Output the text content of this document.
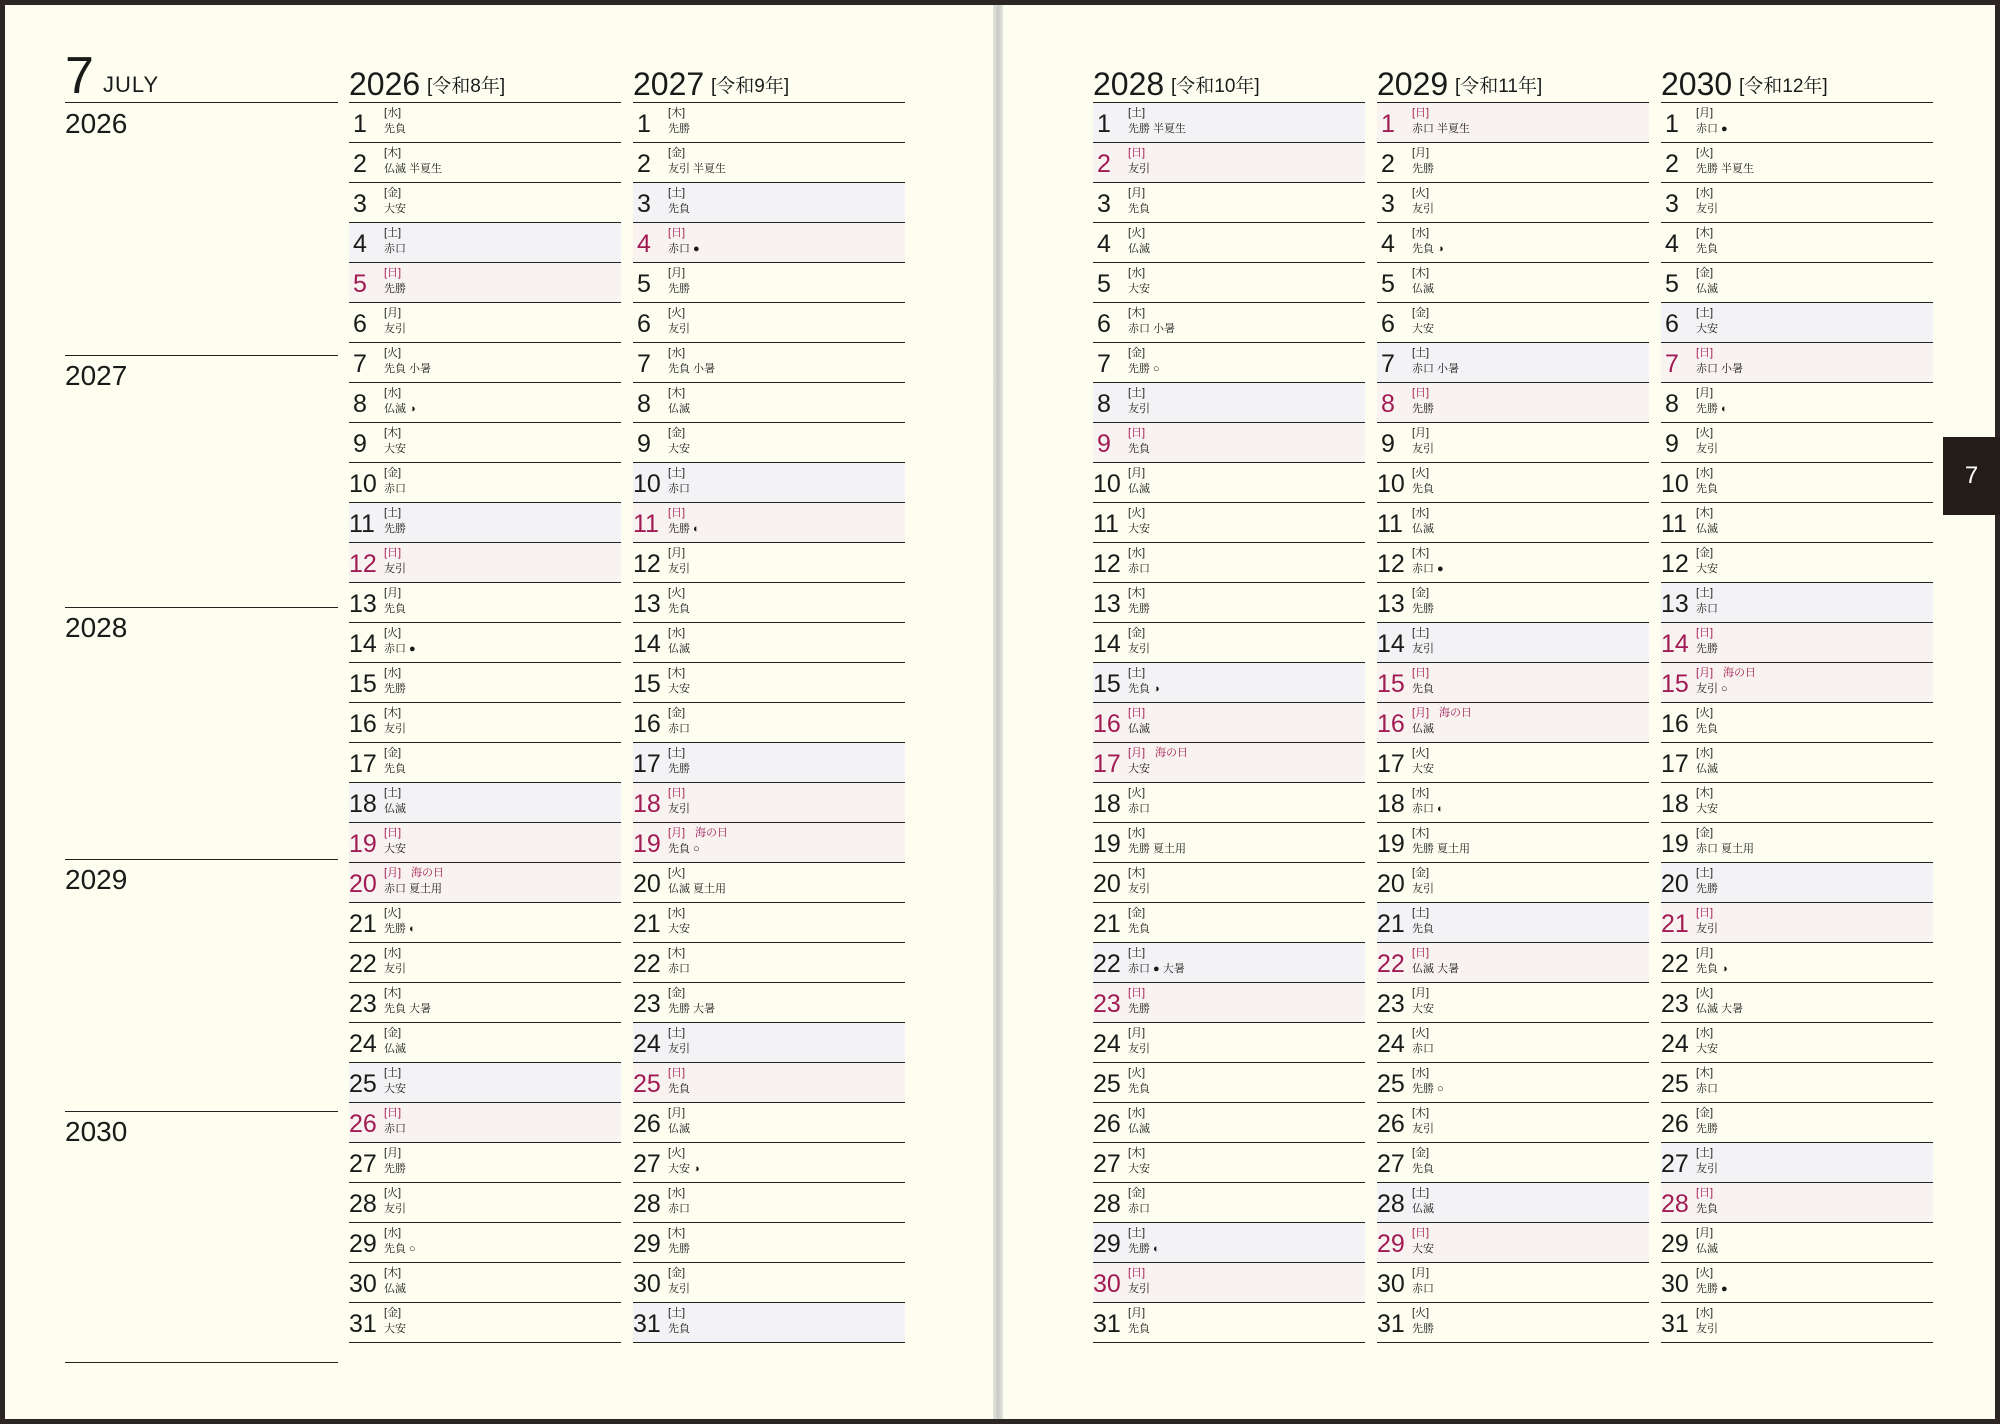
7 JULY
2026
2027
2028
2029
2030
2026 [令和8年]
1 [水]
先負
2 [木]
仏滅 半夏生
3 [金]
大安
4 [土]
赤口
5 [日]
先勝
6 [月]
友引
7 [火]
先負 小暑
8 [水]
仏滅 ◑
9 [木]
大安
10 [金]
赤口
11 [土]
先勝
12 [日]
友引
13 [月]
先負
14 [火]
赤口 ●
15 [水]
先勝
16 [木]
友引
17 [金]
先負
18 [土]
仏滅
19 [日]
大安
20 [月] 海の日
赤口 夏土用
21 [火]
先勝 ◐
22 [水]
友引
23 [木]
先負 大暑
24 [金]
仏滅
25 [土]
大安
26 [日]
赤口
27 [月]
先勝
28 [火]
友引
29 [水]
先負 ○
30 [木]
仏滅
31 [金]
大安
2027 [令和9年]
1 [木]
先勝
2 [金]
友引 半夏生
3 [土]
先負
4 [日]
赤口 ●
5 [月]
先勝
6 [火]
友引
7 [水]
先負 小暑
8 [木]
仏滅
9 [金]
大安
10 [土]
赤口
11 [日]
先勝 ◐
12 [月]
友引
13 [火]
先負
14 [水]
仏滅
15 [木]
大安
16 [金]
赤口
17 [土]
先勝
18 [日]
友引
19 [月] 海の日
先負 ○
20 [火]
仏滅 夏土用
21 [水]
大安
22 [木]
赤口
23 [金]
先勝 大暑
24 [土]
友引
25 [日]
先負
26 [月]
仏滅
27 [火]
大安 ◑
28 [水]
赤口
29 [木]
先勝
30 [金]
友引
31 [土]
先負
2028 [令和10年]
1 [土]
先勝 半夏生
2 [日]
友引
3 [月]
先負
4 [火]
仏滅
5 [水]
大安
6 [木]
赤口 小暑
7 [金]
先勝 ○
8 [土]
友引
9 [日]
先負
10 [月]
仏滅
11 [火]
大安
12 [水]
赤口
13 [木]
先勝
14 [金]
友引
15 [土]
先負 ◑
16 [日]
仏滅
17 [月] 海の日
大安
18 [火]
赤口
19 [水]
先勝 夏土用
20 [木]
友引
21 [金]
先負
22 [土]
赤口 ● 大暑
23 [日]
先勝
24 [月]
友引
25 [火]
先負
26 [水]
仏滅
27 [木]
大安
28 [金]
赤口
29 [土]
先勝 ◐
30 [日]
友引
31 [月]
先負
2029 [令和11年]
1 [日]
赤口 半夏生
2 [月]
先勝
3 [火]
友引
4 [水]
先負 ◑
5 [木]
仏滅
6 [金]
大安
7 [土]
赤口 小暑
8 [日]
先勝
9 [月]
友引
10 [火]
先負
11 [水]
仏滅
12 [木]
赤口 ●
13 [金]
先勝
14 [土]
友引
15 [日]
先負
16 [月] 海の日
仏滅
17 [火]
大安
18 [水]
赤口 ◐
19 [木]
先勝 夏土用
20 [金]
友引
21 [土]
先負
22 [日]
仏滅 大暑
23 [月]
大安
24 [火]
赤口
25 [水]
先勝 ○
26 [木]
友引
27 [金]
先負
28 [土]
仏滅
29 [日]
大安
30 [月]
赤口
31 [火]
先勝
2030 [令和12年]
1 [月]
赤口 ●
2 [火]
先勝 半夏生
3 [水]
友引
4 [木]
先負
5 [金]
仏滅
6 [土]
大安
7 [日]
赤口 小暑
8 [月]
先勝 ◐
9 [火]
友引
10 [水]
先負
11 [木]
仏滅
12 [金]
大安
13 [土]
赤口
14 [日]
先勝
15 [月] 海の日
友引 ○
16 [火]
先負
17 [水]
仏滅
18 [木]
大安
19 [金]
赤口 夏土用
20 [土]
先勝
21 [日]
友引
22 [月]
先負 ◑
23 [火]
仏滅 大暑
24 [水]
大安
25 [木]
赤口
26 [金]
先勝
27 [土]
友引
28 [日]
先負
29 [月]
仏滅
30 [火]
先勝 ●
31 [水]
友引
7
